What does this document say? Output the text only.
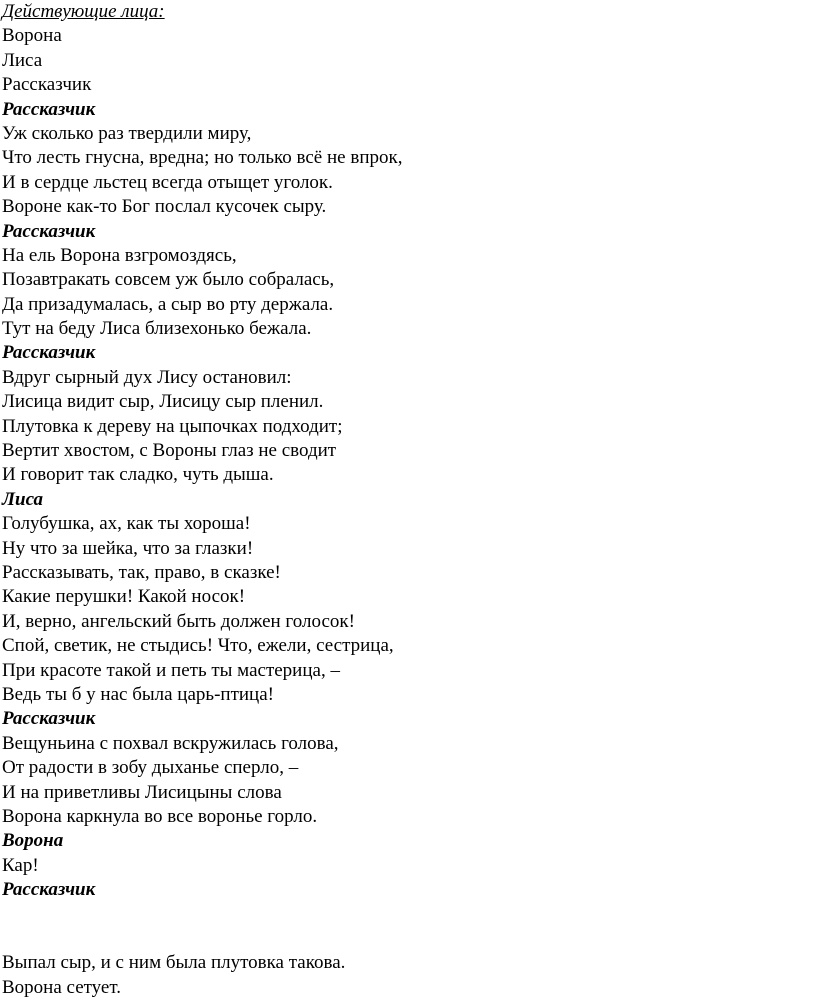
Действующие лица:
Ворона
Лиса
Рассказчик
Рассказчик
Уж сколько раз твердили миру,
Что лесть гнусна, вредна; но только всё не впрок,
И в сердце льстец всегда отыщет уголок.
Вороне как-то Бог послал кусочек сыру.
Рассказчик
На ель Ворона взгромоздясь,
Позавтракать совсем уж было собралась,
Да призадумалась, а сыр во рту держала.
Тут на беду Лиса близехонько бежала.
Рассказчик
Вдруг сырный дух Лису остановил:
Лисица видит сыр, Лисицу сыр пленил.
Плутовка к дереву на цыпочках подходит;
Вертит хвостом, с Вороны глаз не сводит
И говорит так сладко, чуть дыша.
Лиса
Голубушка, ах, как ты хороша!
Ну что за шейка, что за глазки!
Рассказывать, так, право, в сказке!
Какие перушки! Какой носок!
И, верно, ангельский быть должен голосок!
Спой, светик, не стыдись! Что, ежели, сестрица,
При красоте такой и петь ты мастерица, –
Ведь ты б у нас была царь-птица!
Рассказчик
Вещуньина с похвал вскружилась голова,
От радости в зобу дыханье сперло, –
И на приветливы Лисицыны слова
Ворона каркнула во все воронье горло.
Ворона
Кар!
Рассказчик
Выпал сыр, и с ним была плутовка такова.
Ворона сетует.
